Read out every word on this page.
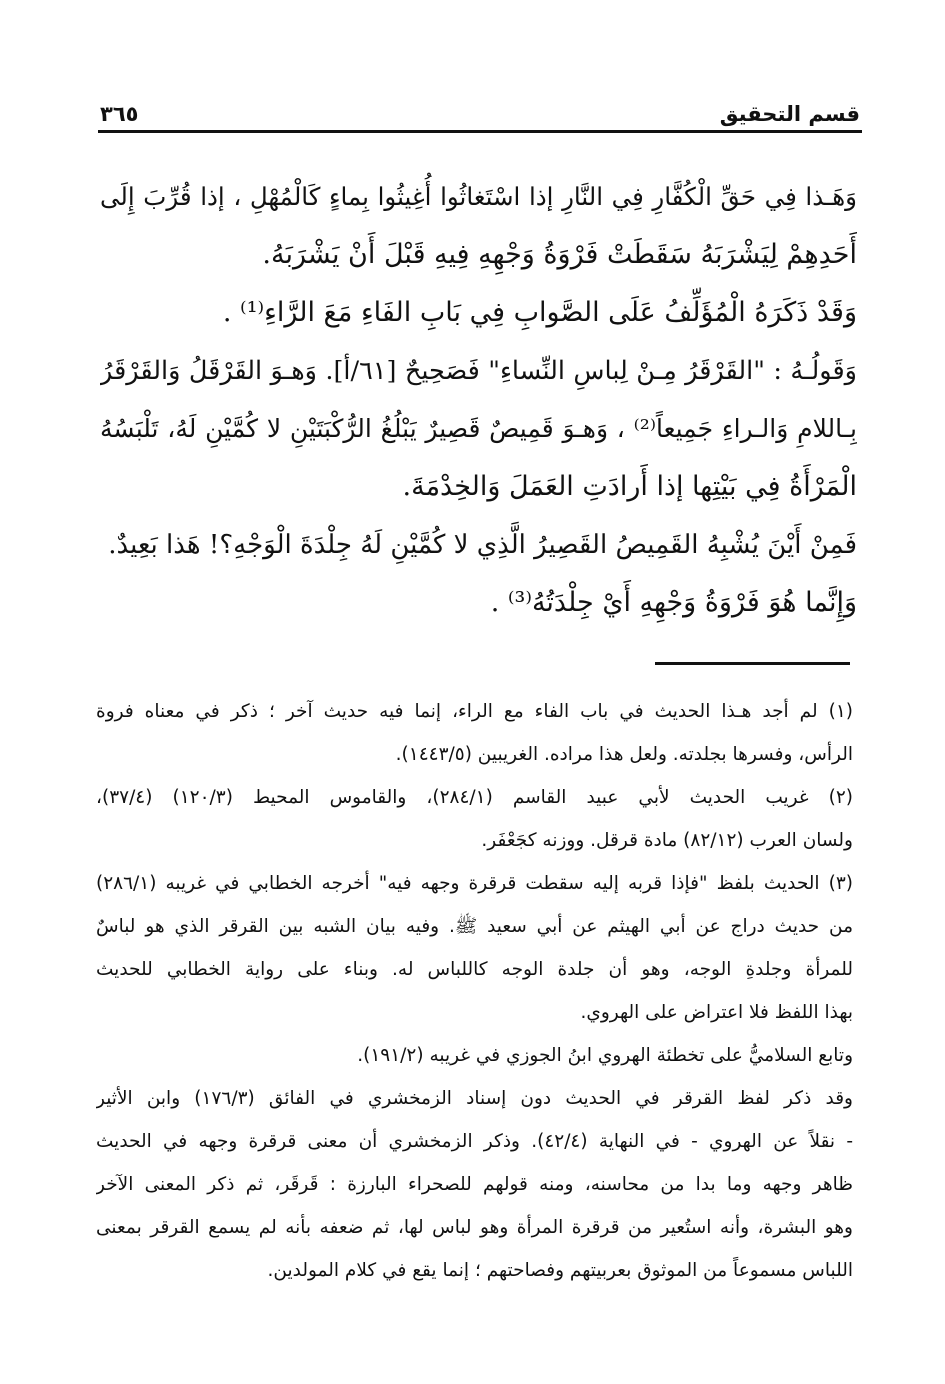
قسم التحقيق
٣٦٥
وَهَـذا فِي حَقِّ الْكُفَّارِ فِي النَّارِ إذا اسْتَغاثُوا أُغِيثُوا بِماءٍ كَالْمُهْلِ ، إذا قُرِّبَ إِلَى
أَحَدِهِمْ لِيَشْرَبَهُ سَقَطَتْ فَرْوَةُ وَجْهِهِ فِيهِ قَبْلَ أَنْ يَشْرَبَهُ.
وَقَدْ ذَكَرَهُ الْمُؤَلِّفُ عَلَى الصَّوابِ فِي بَابِ الفَاءِ مَعَ الرَّاءِ⁽¹⁾ .
وَقَولُـهُ : "القَرْقَرُ مِـنْ لِباسِ النِّساءِ" فَصَحِيحٌ [٦١/أ]. وَهـوَ القَرْقَلُ وَالقَرْقَرُ
بِـاللامِ وَالـراءِ جَمِيعاً⁽²⁾ ، وَهـوَ قَمِيصٌ قَصِيرٌ يَبْلُغُ الرُّكْبَتَيْنِ لا كُمَّيْنِ لَهُ، تَلْبَسُهُ
الْمَرْأَةُ فِي بَيْتِها إذا أَرادَتِ العَمَلَ وَالخِدْمَةَ.
فَمِنْ أَيْنَ يُشْبِهُ القَمِيصُ القَصِيرُ الَّذِي لا كُمَّيْنِ لَهُ جِلْدَةَ الْوَجْهِ؟! هَذا بَعِيدٌ.
وَإِنَّما هُوَ فَرْوَةُ وَجْهِهِ أَيْ جِلْدَتُهُ⁽³⁾ .
(١) لم أجد هـذا الحديث في باب الفاء مع الراء، إنما فيه حديث آخر ؛ ذكر في معناه فروة
الرأس، وفسرها بجلدته. ولعل هذا مراده. الغريبين (١٤٤٣/٥).
(٢) غريب الحديث لأبي عبيد القاسم (٢٨٤/١)، والقاموس المحيط (١٢٠/٣) (٣٧/٤)،
ولسان العرب (٨٢/١٢) مادة قرقل. ووزنه كجَعْفَر.
(٣) الحديث بلفظ "فإذا قربه إليه سقطت قرقرة وجهه فيه" أخرجه الخطابي في غريبه (٢٨٦/١)
من حديث دراج عن أبي الهيثم عن أبي سعيد ﷺ. وفيه بيان الشبه بين القرقر الذي هو لباسٌ
للمرأة وجلدةِ الوجه، وهو أن جلدة الوجه كاللباس له. وبناء على رواية الخطابي للحديث
بهذا اللفظ فلا اعتراض على الهروي.
وتابع السلاميُّ على تخطئة الهروي ابنُ الجوزي في غريبه (١٩١/٢).
وقد ذكر لفظ القرقر في الحديث دون إسناد الزمخشري في الفائق (١٧٦/٣) وابن الأثير
- نقلاً عن الهروي - في النهاية (٤٢/٤). وذكر الزمخشري أن معنى قرقرة وجهه في الحديث
ظاهر وجهه وما بدا من محاسنه، ومنه قولهم للصحراء البارزة : قَرقَر، ثم ذكر المعنى الآخر
وهو البشرة، وأنه استُعير من قرقرة المرأة وهو لباس لها، ثم ضعفه بأنه لم يسمع القرقر بمعنى
اللباس مسموعاً من الموثوق بعربيتهم وفصاحتهم ؛ إنما يقع في كلام المولدين.
